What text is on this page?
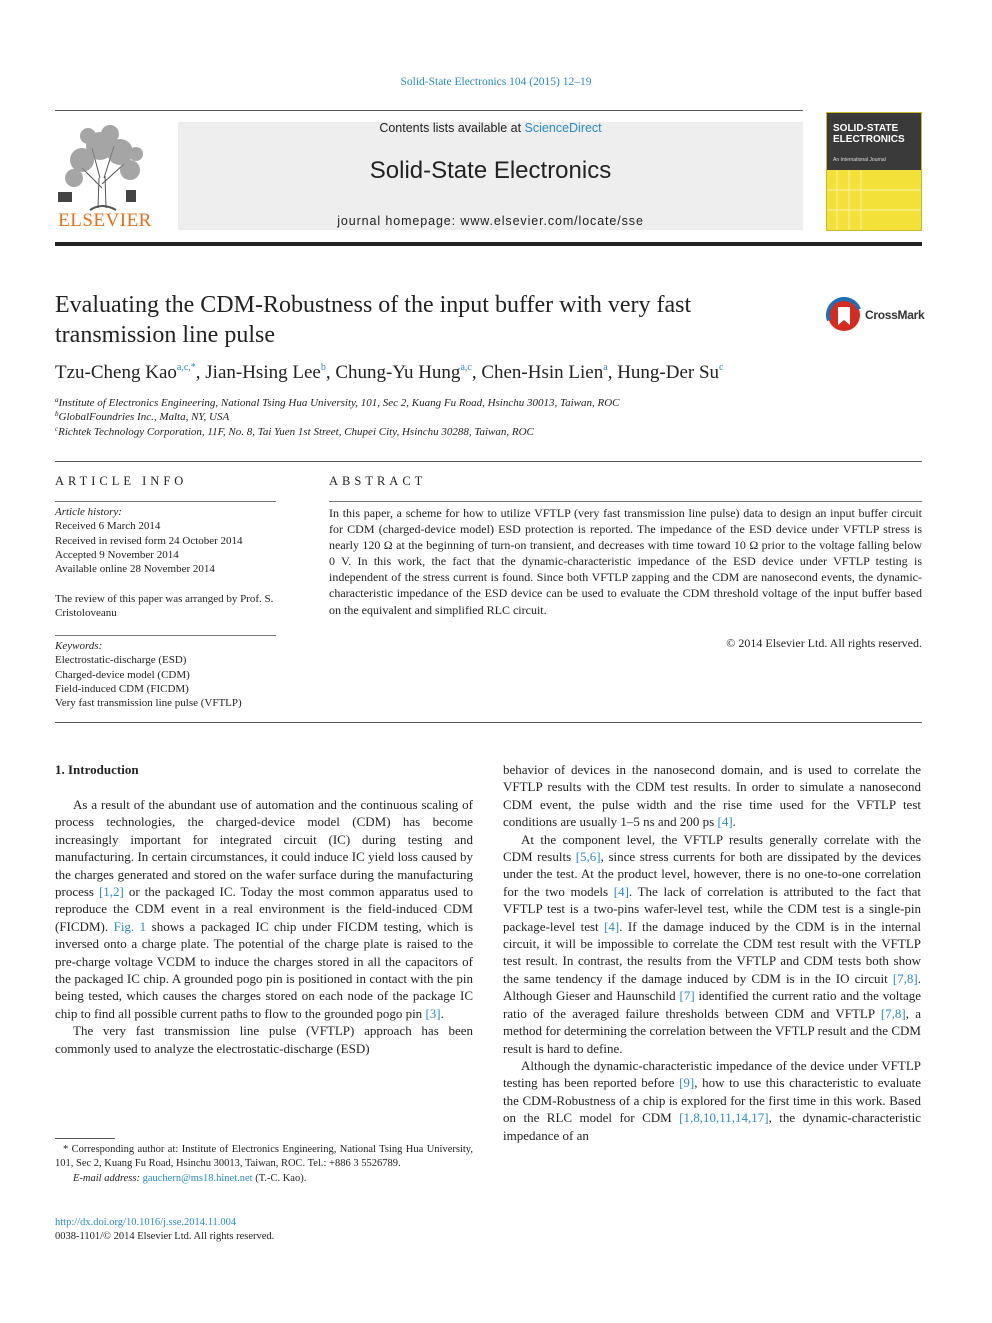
Solid-State Electronics 104 (2015) 12–19
ELSEVIER
Contents lists available at ScienceDirect
Solid-State Electronics
journal homepage: www.elsevier.com/locate/sse
SOLID-STATE
ELECTRONICS
An International Journal
Evaluating the CDM-Robustness of the input buffer with very fast transmission line pulse
CrossMark
Tzu-Cheng Kao$^{a,c,*}$, Jian-Hsing Lee$^b$, Chung-Yu Hung$^{a,c}$, Chen-Hsin Lien$^a$, Hung-Der Su$^c$
$^a$Institute of Electronics Engineering, National Tsing Hua University, 101, Sec 2, Kuang Fu Road, Hsinchu 30013, Taiwan, ROC
$^b$GlobalFoundries Inc., Malta, NY, USA
$^c$Richtek Technology Corporation, 11F, No. 8, Tai Yuen 1st Street, Chupei City, Hsinchu 30288, Taiwan, ROC
ARTICLE INFO	ABSTRACT
Article history:
Received 6 March 2014
Received in revised form 24 October 2014
Accepted 9 November 2014
Available online 28 November 2014
The review of this paper was arranged by Prof. S. Cristoloveanu
Keywords:
Electrostatic-discharge (ESD)
Charged-device model (CDM)
Field-induced CDM (FICDM)
Very fast transmission line pulse (VFTLP)
In this paper, a scheme for how to utilize VFTLP (very fast transmission line pulse) data to design an input buffer circuit for CDM (charged-device model) ESD protection is reported. The impedance of the ESD device under VFTLP stress is nearly 120 Ω at the beginning of turn-on transient, and decreases with time toward 10 Ω prior to the voltage falling below 0 V. In this work, the fact that the dynamic-characteristic impedance of the ESD device under VFTLP testing is independent of the stress current is found. Since both VFTLP zapping and the CDM are nanosecond events, the dynamic-characteristic impedance of the ESD device can be used to evaluate the CDM threshold voltage of the input buffer based on the equivalent and simplified RLC circuit.
© 2014 Elsevier Ltd. All rights reserved.
1. Introduction

As a result of the abundant use of automation and the continuous scaling of process technologies, the charged-device model (CDM) has become increasingly important for integrated circuit (IC) during testing and manufacturing. In certain circumstances, it could induce IC yield loss caused by the charges generated and stored on the wafer surface during the manufacturing process [1,2] or the packaged IC. Today the most common apparatus used to reproduce the CDM event in a real environment is the field-induced CDM (FICDM). Fig. 1 shows a packaged IC chip under FICDM testing, which is inversed onto a charge plate. The potential of the charge plate is raised to the pre-charge voltage VCDM to induce the charges stored in all the capacitors of the packaged IC chip. A grounded pogo pin is positioned in contact with the pin being tested, which causes the charges stored on each node of the package IC chip to find all possible current paths to flow to the grounded pogo pin [3].

The very fast transmission line pulse (VFTLP) approach has been commonly used to analyze the electrostatic-discharge (ESD)

behavior of devices in the nanosecond domain, and is used to correlate the VFTLP results with the CDM test results. In order to simulate a nanosecond CDM event, the pulse width and the rise time used for the VFTLP test conditions are usually 1–5 ns and 200 ps [4].

At the component level, the VFTLP results generally correlate with the CDM results [5,6], since stress currents for both are dissipated by the devices under the test. At the product level, however, there is no one-to-one correlation for the two models [4]. The lack of correlation is attributed to the fact that VFTLP test is a two-pins wafer-level test, while the CDM test is a single-pin package-level test [4]. If the damage induced by the CDM is in the internal circuit, it will be impossible to correlate the CDM test result with the VFTLP test result. In contrast, the results from the VFTLP and CDM tests both show the same tendency if the damage induced by CDM is in the IO circuit [7,8]. Although Gieser and Haunschild [7] identified the current ratio and the voltage ratio of the averaged failure thresholds between CDM and VFTLP [7,8], a method for determining the correlation between the VFTLP result and the CDM result is hard to define.

Although the dynamic-characteristic impedance of the device under VFTLP testing has been reported before [9], how to use this characteristic to evaluate the CDM-Robustness of a chip is explored for the first time in this work. Based on the RLC model for CDM [1,8,10,11,14,17], the dynamic-characteristic impedance of an

* Corresponding author at: Institute of Electronics Engineering, National Tsing Hua University, 101, Sec 2, Kuang Fu Road, Hsinchu 30013, Taiwan, ROC. Tel.: +886 3 5526789.
E-mail address: gauchern@ms18.hinet.net (T.-C. Kao).
http://dx.doi.org/10.1016/j.sse.2014.11.004
0038-1101/© 2014 Elsevier Ltd. All rights reserved.
